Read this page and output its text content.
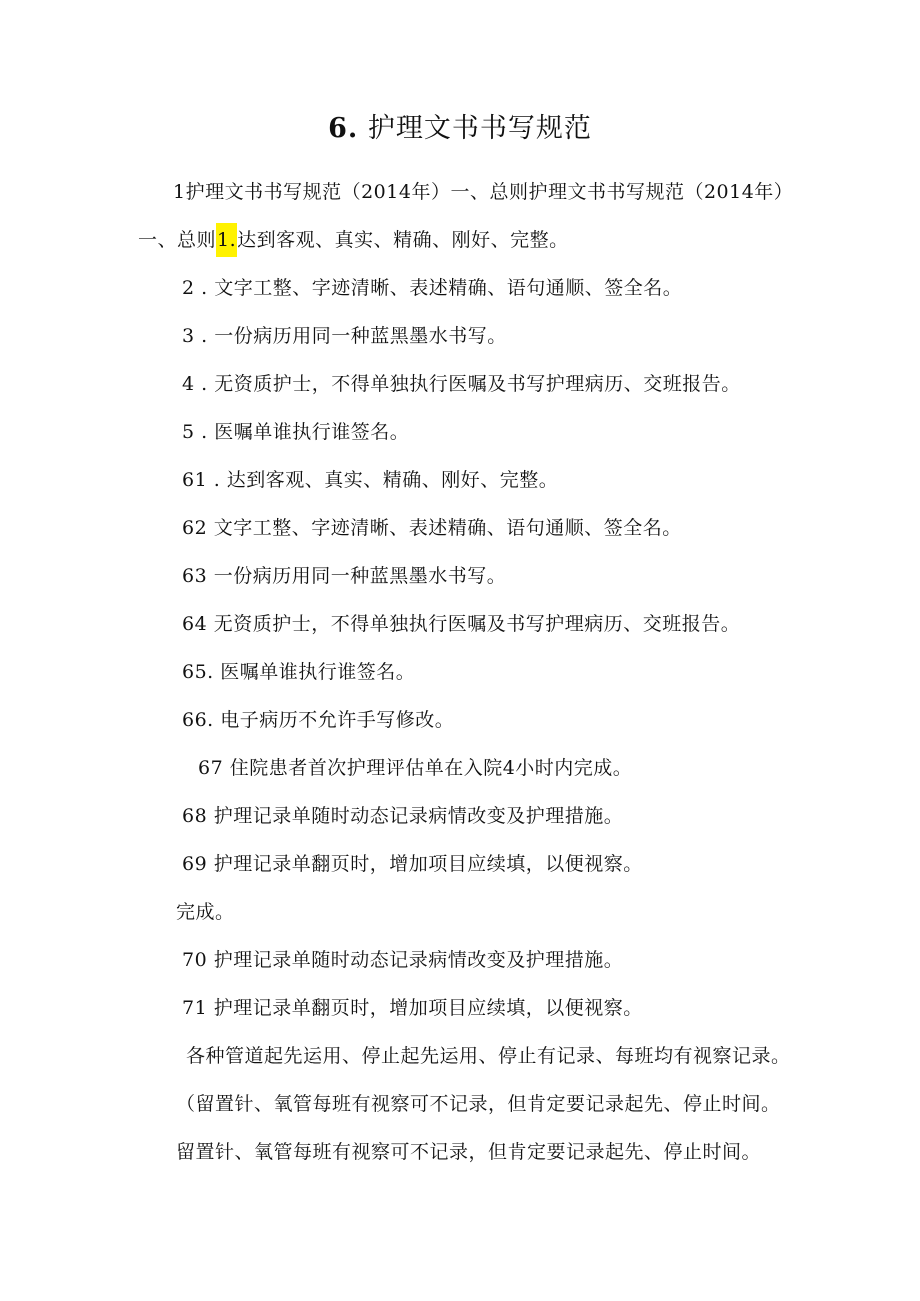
6. 护理文书书写规范
1护理文书书写规范（2014年）一、总则护理文书书写规范（2014年）
一、总则1.达到客观、真实、精确、刚好、完整。
2 . 文字工整、字迹清晰、表述精确、语句通顺、签全名。
3 . 一份病历用同一种蓝黑墨水书写。
4 . 无资质护士，不得单独执行医嘱及书写护理病历、交班报告。
5 . 医嘱单谁执行谁签名。
61 . 达到客观、真实、精确、刚好、完整。
62 文字工整、字迹清晰、表述精确、语句通顺、签全名。
63 一份病历用同一种蓝黑墨水书写。
64 无资质护士，不得单独执行医嘱及书写护理病历、交班报告。
65. 医嘱单谁执行谁签名。
66. 电子病历不允许手写修改。
67 住院患者首次护理评估单在入院4小时内完成。
68 护理记录单随时动态记录病情改变及护理措施。
69 护理记录单翻页时，增加项目应续填，以便视察。
完成。
70 护理记录单随时动态记录病情改变及护理措施。
71 护理记录单翻页时，增加项目应续填，以便视察。
各种管道起先运用、停止起先运用、停止有记录、每班均有视察记录。
（留置针、氧管每班有视察可不记录，但肯定要记录起先、停止时间。
留置针、氧管每班有视察可不记录，但肯定要记录起先、停止时间。
